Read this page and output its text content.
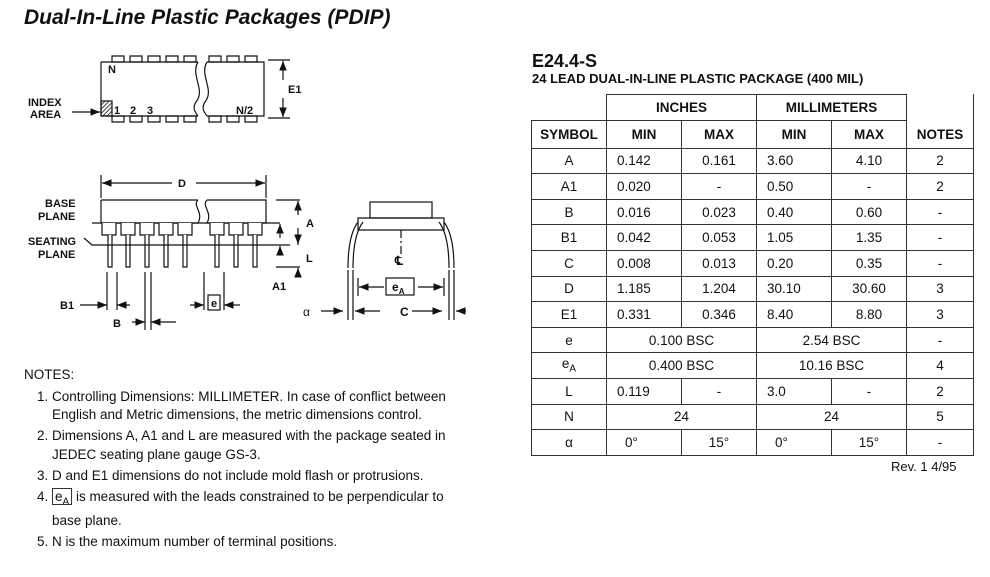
Dual-In-Line Plastic Packages (PDIP)
N
INDEX
AREA	1 2 3	N/2
E1
D
BASE
PLANE
SEATING
PLANE
A
L
A1
B1
B
e
℄
$e_A$
α	C
E24.4-S
24 LEAD DUAL-IN-LINE PLASTIC PACKAGE (400 MIL)
	INCHES		MILLIMETERS		
SYMBOL	MIN	MAX	MIN	MAX	NOTES
A	0.142	0.161	3.60	4.10	2
A1	0.020	-	0.50	-	2
B	0.016	0.023	0.40	0.60	-
B1	0.042	0.053	1.05	1.35	-
C	0.008	0.013	0.20	0.35	-
D	1.185	1.204	30.10	30.60	3
E1	0.331	0.346	8.40	8.80	3
e	0.100 BSC		2.54 BSC		-
$e_A$	0.400 BSC		10.16 BSC		4
L	0.119	-	3.0	-	2
N	24		24		5
α	0°	15°	0°	15°	-
Rev. 1 4/95
NOTES:
1. Controlling Dimensions: MILLIMETER. In case of conflict between English and Metric dimensions, the metric dimensions control.
2. Dimensions A, A1 and L are measured with the package seated in JEDEC seating plane gauge GS-3.
3. D and E1 dimensions do not include mold flash or protrusions.
4. $e_A$ is measured with the leads constrained to be perpendicular to base plane.
5. N is the maximum number of terminal positions.
